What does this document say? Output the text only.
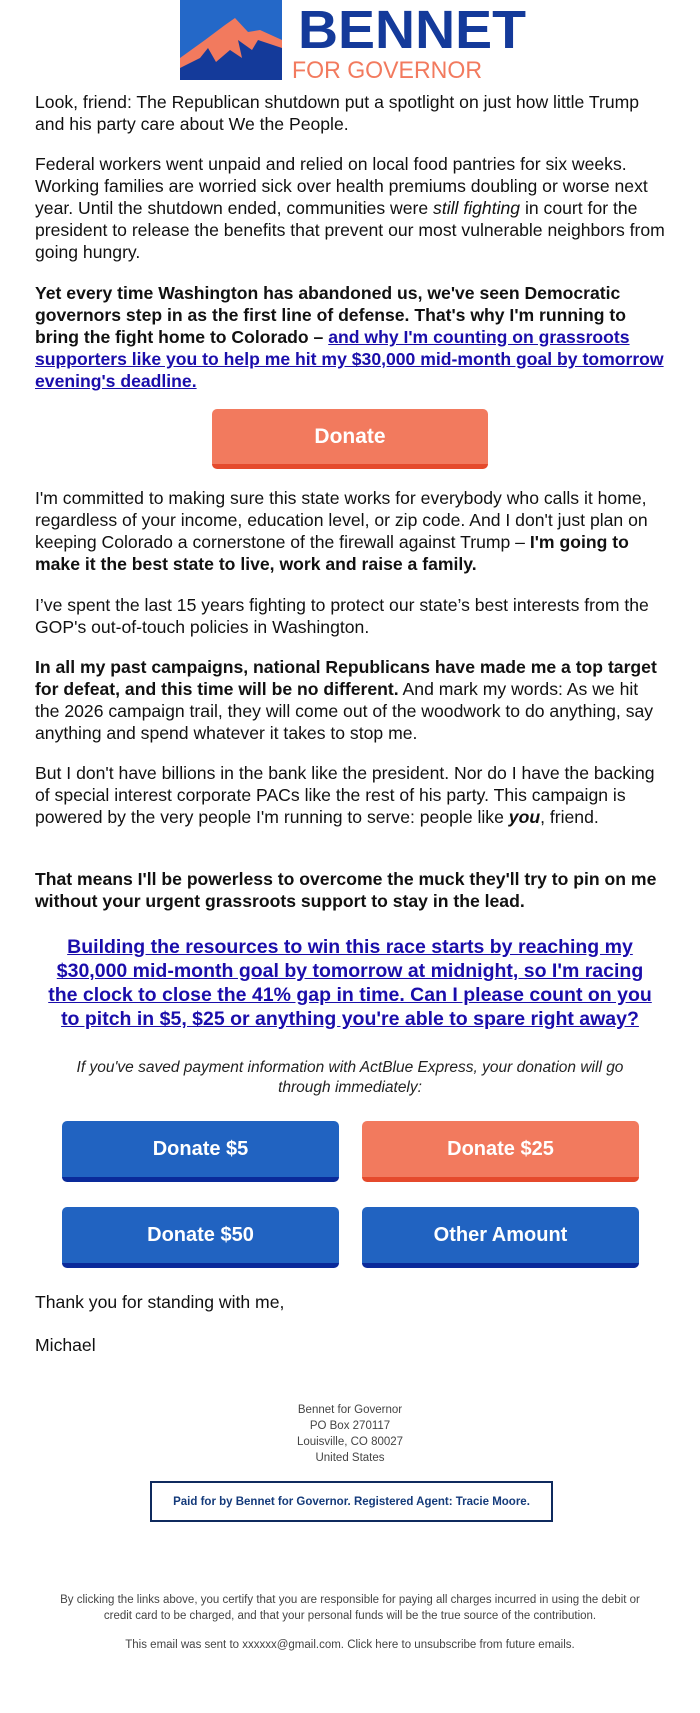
BENNET
FOR GOVERNOR

Look, friend: The Republican shutdown put a spotlight on just how little Trump and his party care about We the People.

Federal workers went unpaid and relied on local food pantries for six weeks. Working families are worried sick over health premiums doubling or worse next year. Until the shutdown ended, communities were still fighting in court for the president to release the benefits that prevent our most vulnerable neighbors from going hungry.

Yet every time Washington has abandoned us, we've seen Democratic governors step in as the first line of defense. That's why I'm running to bring the fight home to Colorado – and why I'm counting on grassroots supporters like you to help me hit my $30,000 mid-month goal by tomorrow evening's deadline.

Donate

I'm committed to making sure this state works for everybody who calls it home, regardless of your income, education level, or zip code. And I don't just plan on keeping Colorado a cornerstone of the firewall against Trump – I'm going to make it the best state to live, work and raise a family.

I’ve spent the last 15 years fighting to protect our state’s best interests from the GOP's out-of-touch policies in Washington.

In all my past campaigns, national Republicans have made me a top target for defeat, and this time will be no different. And mark my words: As we hit the 2026 campaign trail, they will come out of the woodwork to do anything, say anything and spend whatever it takes to stop me.

But I don't have billions in the bank like the president. Nor do I have the backing of special interest corporate PACs like the rest of his party. This campaign is powered by the very people I'm running to serve: people like you, friend.

That means I'll be powerless to overcome the muck they'll try to pin on me without your urgent grassroots support to stay in the lead.

Building the resources to win this race starts by reaching my $30,000 mid-month goal by tomorrow at midnight, so I'm racing the clock to close the 41% gap in time. Can I please count on you to pitch in $5, $25 or anything you're able to spare right away?

If you've saved payment information with ActBlue Express, your donation will go through immediately:

Donate $5	Donate $25
Donate $50	Other Amount

Thank you for standing with me,

Michael

Bennet for Governor
PO Box 270117
Louisville, CO 80027
United States
Paid for by Bennet for Governor. Registered Agent: Tracie Moore.
By clicking the links above, you certify that you are responsible for paying all charges incurred in using the debit or credit card to be charged, and that your personal funds will be the true source of the contribution.
This email was sent to xxxxxx@gmail.com. Click here to unsubscribe from future emails.
